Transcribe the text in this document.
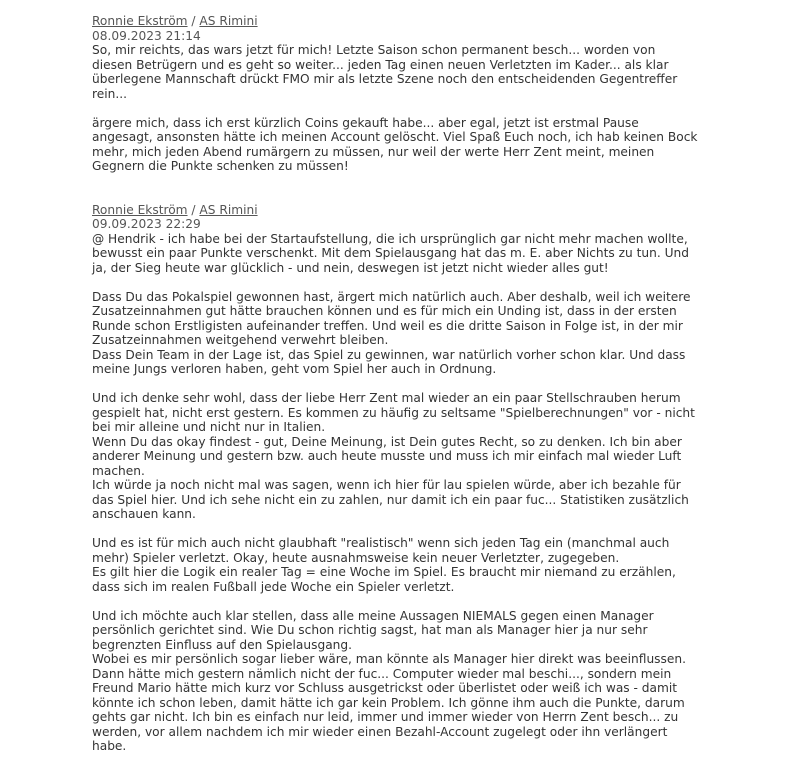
Ronnie Ekström / AS Rimini
08.09.2023 21:14

So, mir reichts, das wars jetzt für mich! Letzte Saison schon permanent besch... worden von
diesen Betrügern und es geht so weiter... jeden Tag einen neuen Verletzten im Kader... als klar
überlegene Mannschaft drückt FMO mir als letzte Szene noch den entscheidenden Gegentreffer
rein...

ärgere mich, dass ich erst kürzlich Coins gekauft habe... aber egal, jetzt ist erstmal Pause
angesagt, ansonsten hätte ich meinen Account gelöscht. Viel Spaß Euch noch, ich hab keinen Bock
mehr, mich jeden Abend rumärgern zu müssen, nur weil der werte Herr Zent meint, meinen
Gegnern die Punkte schenken zu müssen!

Ronnie Ekström / AS Rimini
09.09.2023 22:29

@ Hendrik - ich habe bei der Startaufstellung, die ich ursprünglich gar nicht mehr machen wollte,
bewusst ein paar Punkte verschenkt. Mit dem Spielausgang hat das m. E. aber Nichts zu tun. Und
ja, der Sieg heute war glücklich - und nein, deswegen ist jetzt nicht wieder alles gut!

Dass Du das Pokalspiel gewonnen hast, ärgert mich natürlich auch. Aber deshalb, weil ich weitere
Zusatzeinnahmen gut hätte brauchen können und es für mich ein Unding ist, dass in der ersten
Runde schon Erstligisten aufeinander treffen. Und weil es die dritte Saison in Folge ist, in der mir
Zusatzeinnahmen weitgehend verwehrt bleiben.
Dass Dein Team in der Lage ist, das Spiel zu gewinnen, war natürlich vorher schon klar. Und dass
meine Jungs verloren haben, geht vom Spiel her auch in Ordnung.

Und ich denke sehr wohl, dass der liebe Herr Zent mal wieder an ein paar Stellschrauben herum
gespielt hat, nicht erst gestern. Es kommen zu häufig zu seltsame "Spielberechnungen" vor - nicht
bei mir alleine und nicht nur in Italien.
Wenn Du das okay findest - gut, Deine Meinung, ist Dein gutes Recht, so zu denken. Ich bin aber
anderer Meinung und gestern bzw. auch heute musste und muss ich mir einfach mal wieder Luft
machen.
Ich würde ja noch nicht mal was sagen, wenn ich hier für lau spielen würde, aber ich bezahle für
das Spiel hier. Und ich sehe nicht ein zu zahlen, nur damit ich ein paar fuc... Statistiken zusätzlich
anschauen kann.

Und es ist für mich auch nicht glaubhaft "realistisch" wenn sich jeden Tag ein (manchmal auch
mehr) Spieler verletzt. Okay, heute ausnahmsweise kein neuer Verletzter, zugegeben.
Es gilt hier die Logik ein realer Tag = eine Woche im Spiel. Es braucht mir niemand zu erzählen,
dass sich im realen Fußball jede Woche ein Spieler verletzt.

Und ich möchte auch klar stellen, dass alle meine Aussagen NIEMALS gegen einen Manager
persönlich gerichtet sind. Wie Du schon richtig sagst, hat man als Manager hier ja nur sehr
begrenzten Einfluss auf den Spielausgang.
Wobei es mir persönlich sogar lieber wäre, man könnte als Manager hier direkt was beeinflussen.
Dann hätte mich gestern nämlich nicht der fuc... Computer wieder mal beschi..., sondern mein
Freund Mario hätte mich kurz vor Schluss ausgetrickst oder überlistet oder weiß ich was - damit
könnte ich schon leben, damit hätte ich gar kein Problem. Ich gönne ihm auch die Punkte, darum
gehts gar nicht. Ich bin es einfach nur leid, immer und immer wieder von Herrn Zent besch... zu
werden, vor allem nachdem ich mir wieder einen Bezahl-Account zugelegt oder ihn verlängert
habe.
